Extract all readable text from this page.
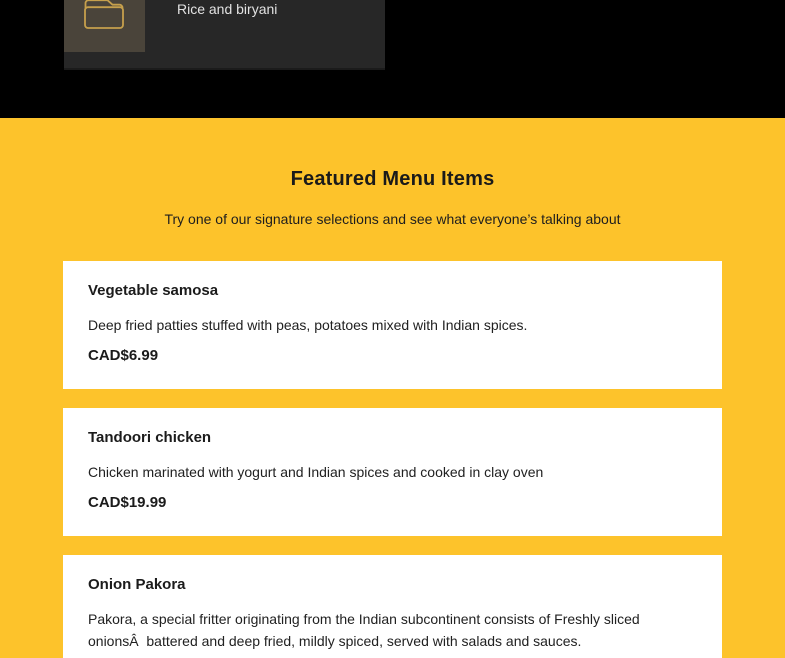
Rice and biryani
Featured Menu Items

Try one of our signature selections and see what everyone’s talking about

Vegetable samosa
Deep fried patties stuffed with peas, potatoes mixed with Indian spices.
CAD$6.99
Tandoori chicken
Chicken marinated with yogurt and Indian spices and cooked in clay oven
CAD$19.99
Onion Pakora
Pakora, a special fritter originating from the Indian subcontinent consists of Freshly sliced onionsÂ  battered and deep fried, mildly spiced, served with salads and sauces.
